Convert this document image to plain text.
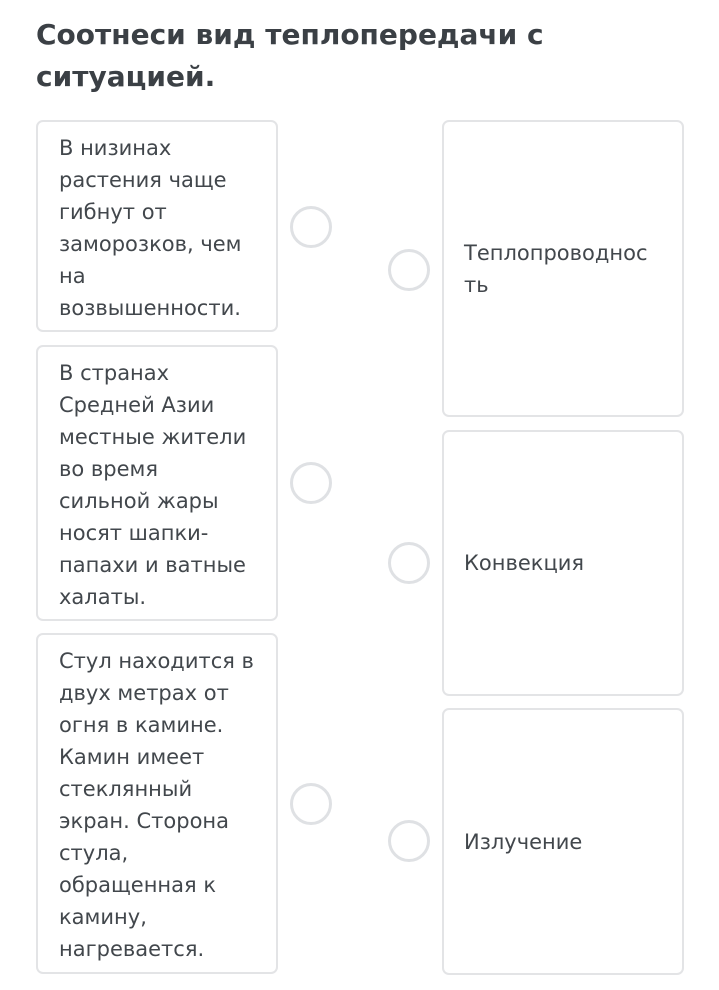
Соотнеси вид теплопередачи с ситуацией.
В низинах
растения чаще
гибнут от
заморозков, чем
на
возвышенности.
В странах
Средней Азии
местные жители
во время
сильной жары
носят шапки-
папахи и ватные
халаты.
Стул находится в
двух метрах от
огня в камине.
Камин имеет
стеклянный
экран. Сторона
стула,
обращенная к
камину,
нагревается.
Теплопроводнос
ть
Конвекция
Излучение
